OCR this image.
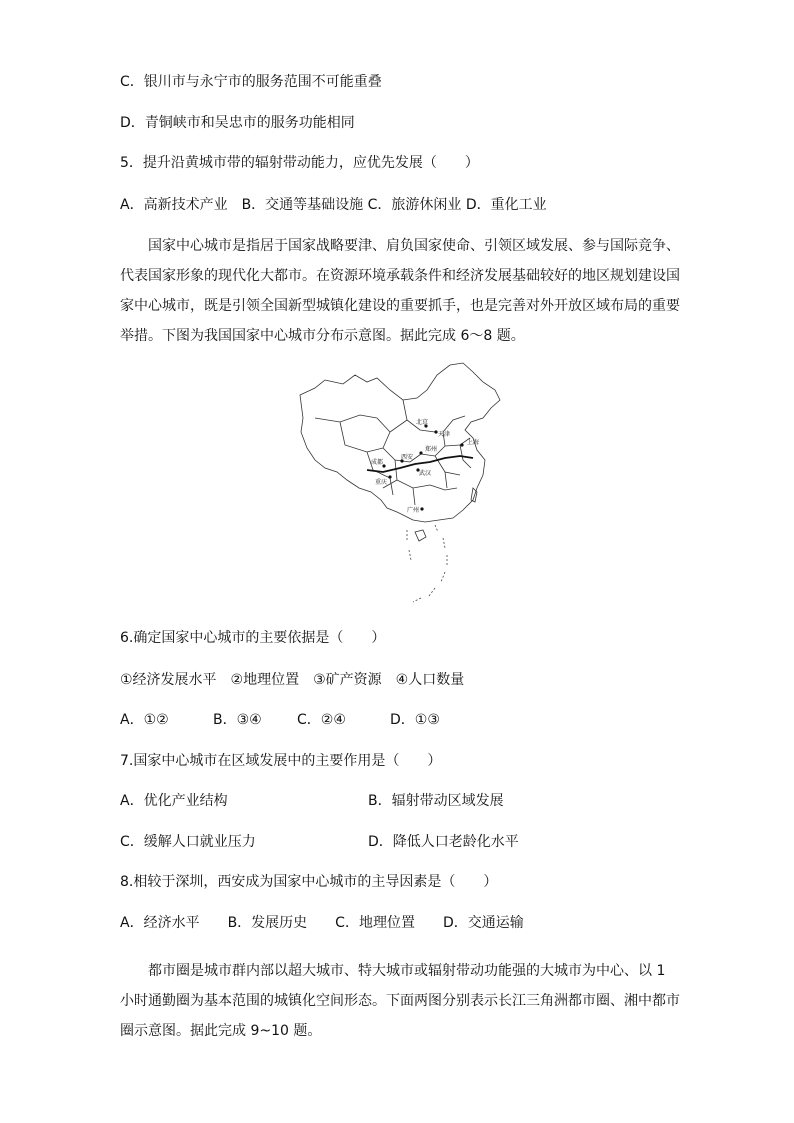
C．银川市与永宁市的服务范围不可能重叠
D．青铜峡市和吴忠市的服务功能相同
5．提升沿黄城市带的辐射带动能力，应优先发展（　　）
A．高新技术产业　B．交通等基础设施 C．旅游休闲业 D．重化工业
国家中心城市是指居于国家战略要津、肩负国家使命、引领区域发展、参与国际竞争、代表国家形象的现代化大都市。在资源环境承载条件和经济发展基础较好的地区规划建设国家中心城市，既是引领全国新型城镇化建设的重要抓手，也是完善对外开放区域布局的重要举措。下图为我国国家中心城市分布示意图。据此完成 6～8 题。
北京
天津
郑州
西安
武汉
成都
重庆
上海
广州
6.确定国家中心城市的主要依据是（　　）
①经济发展水平　②地理位置　③矿产资源　④人口数量
A．①②	B．③④	C．②④	D．①③
7.国家中心城市在区域发展中的主要作用是（　　）
A．优化产业结构	B．辐射带动区域发展
C．缓解人口就业压力	D．降低人口老龄化水平
8.相较于深圳，西安成为国家中心城市的主导因素是（　　）
A．经济水平　　B．发展历史　　C．地理位置　　D．交通运输
都市圈是城市群内部以超大城市、特大城市或辐射带动功能强的大城市为中心、以 1 小时通勤圈为基本范围的城镇化空间形态。下面两图分别表示长江三角洲都市圈、湘中都市圈示意图。据此完成 9~10 题。
